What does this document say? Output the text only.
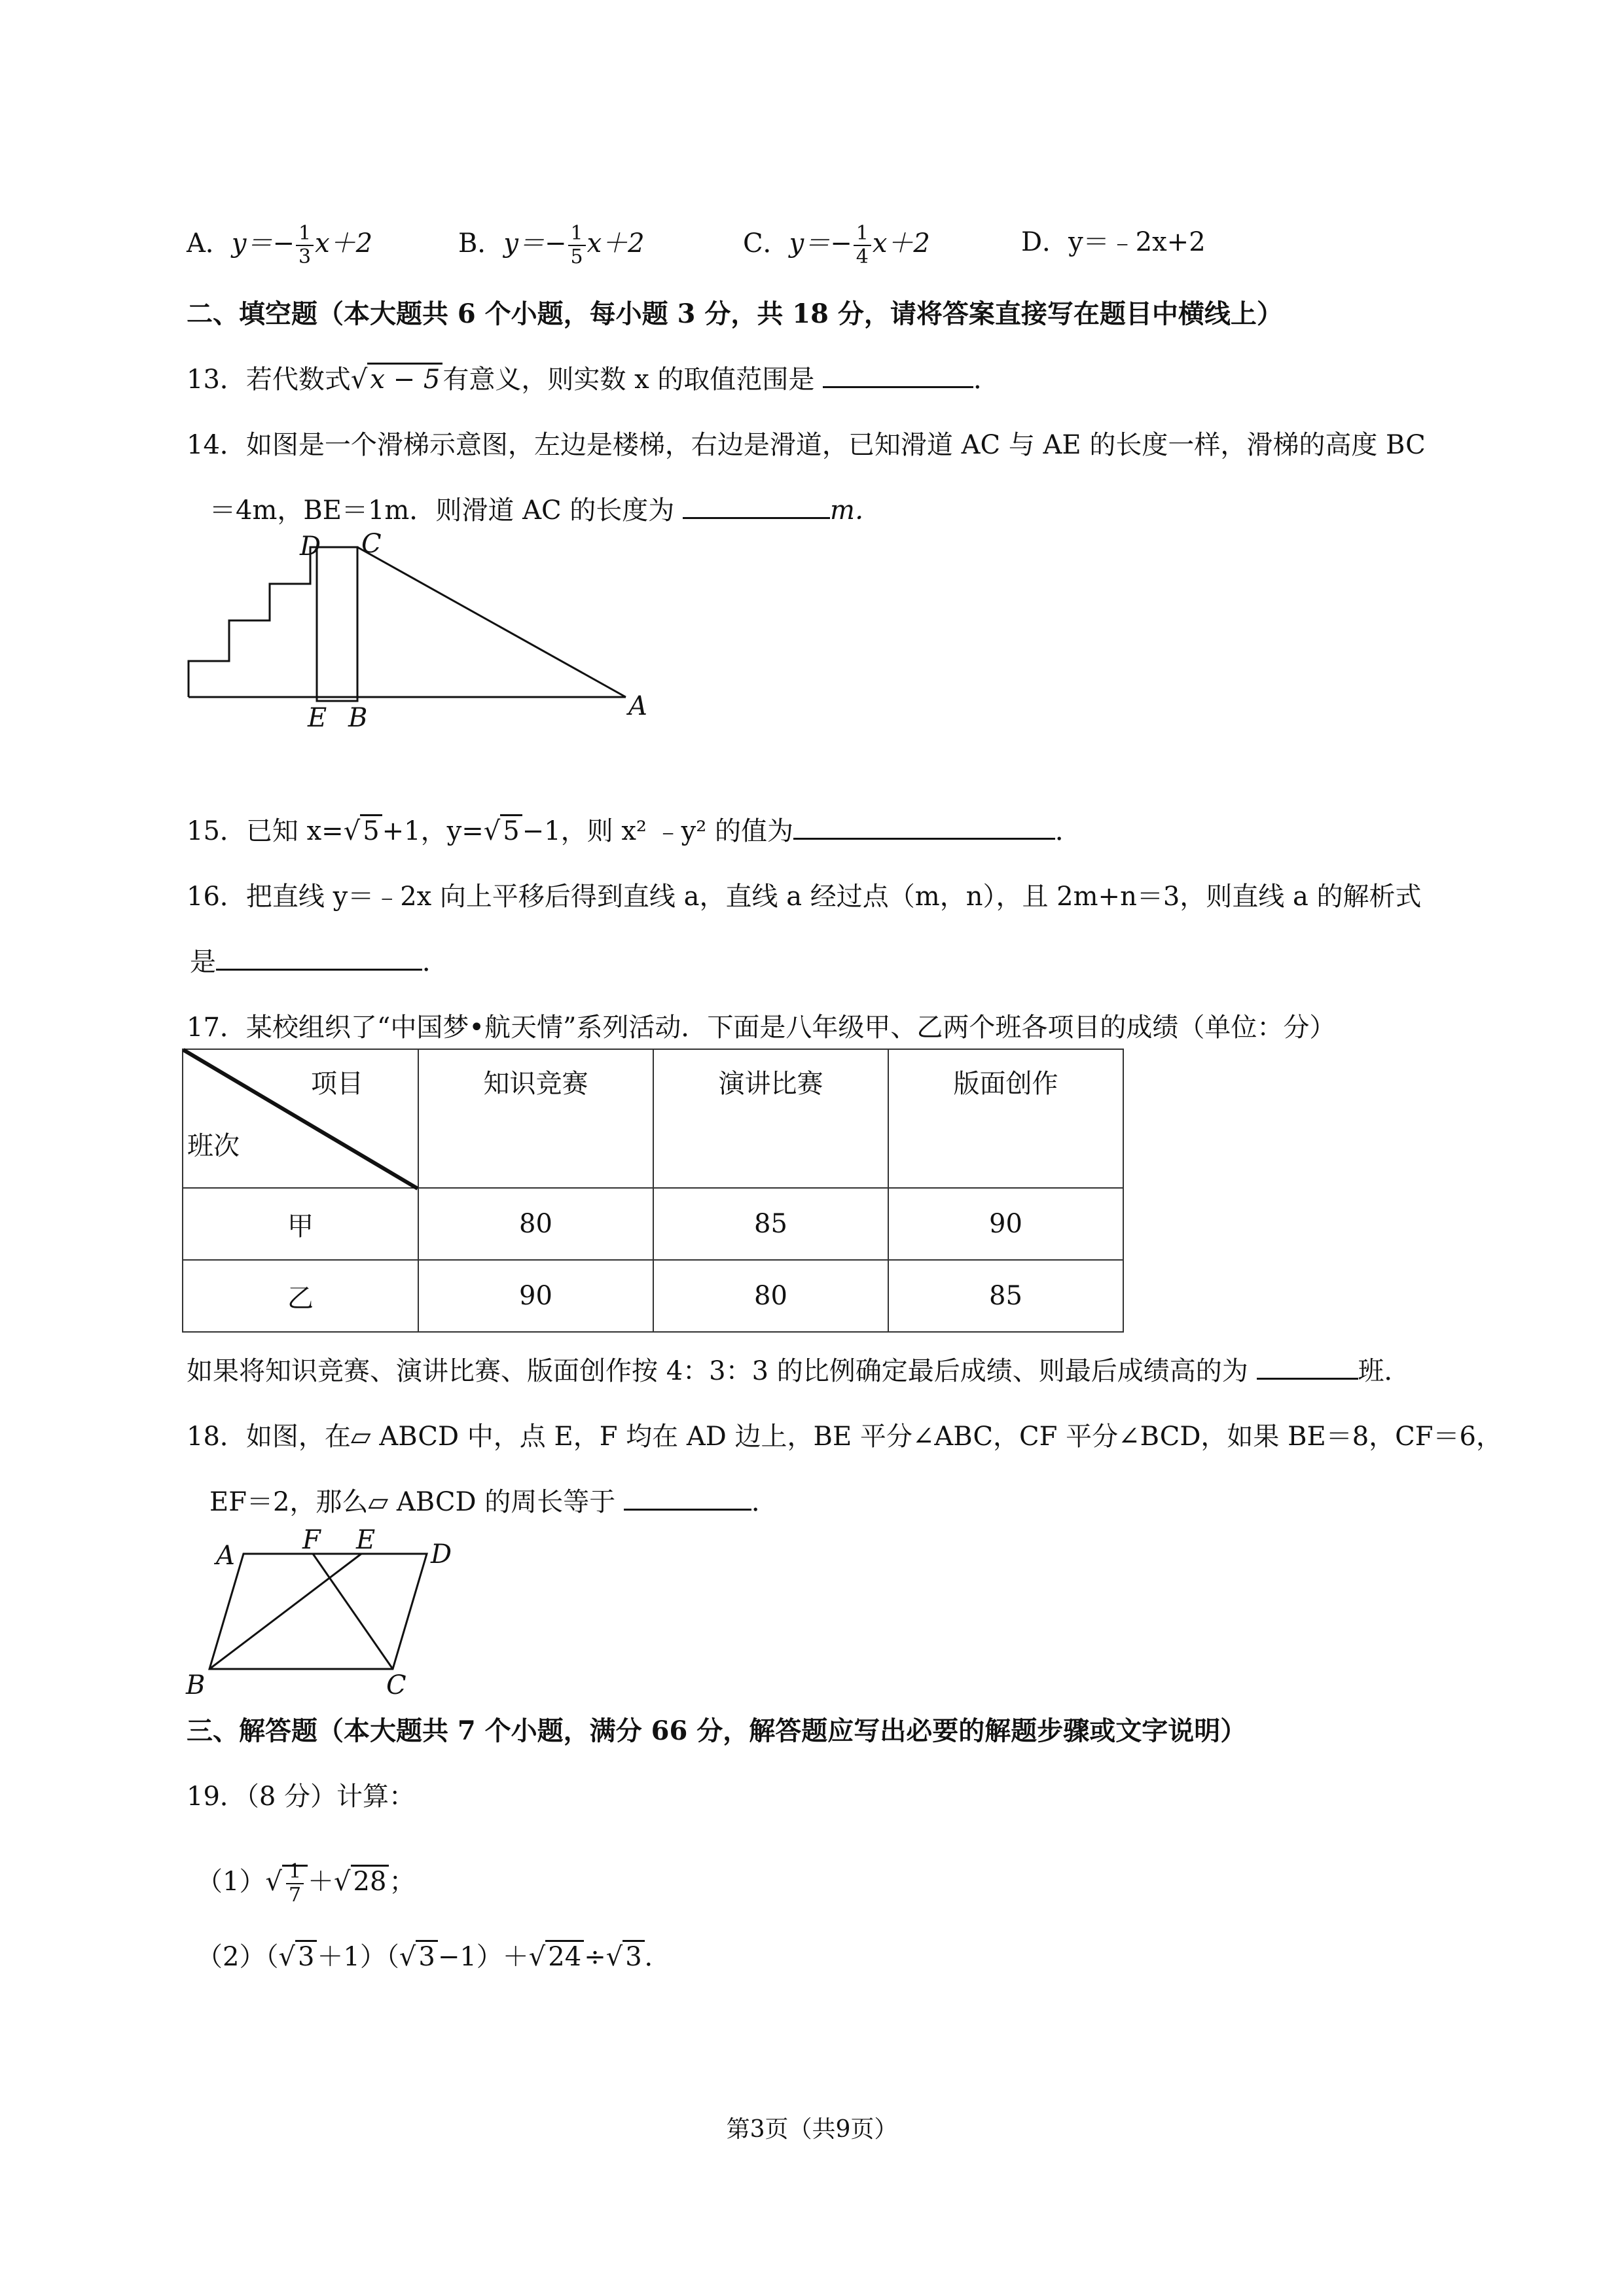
A．$y=- \frac{1}{3} x+2$	B．$y=- \frac{1}{5} x+2$	C．$y=- \frac{1}{4} x+2$	D．y＝﹣2x+2
二、填空题（本大题共 6 个小题，每小题 3 分，共 18 分，请将答案直接写在题目中横线上）
13．若代数式√ x − 5 有意义，则实数 x 的取值范围是	．
14．如图是一个滑梯示意图，左边是楼梯，右边是滑道，已知滑道 AC 与 AE 的长度一样，滑梯的高度 BC
＝4m，BE＝1m．则滑道 AC 的长度为	m．
D C
E B	A
15．已知 x=√ 5 +1，y=√ 5 −1，则 x² ﹣y² 的值为	．
16．把直线 y＝﹣2x 向上平移后得到直线 a，直线 a 经过点（m，n），且 2m+n＝3，则直线 a 的解析式
是	．
17．某校组织了“中国梦•航天情”系列活动．下面是八年级甲、乙两个班各项目的成绩（单位：分）
项目
班次	知识竞赛	演讲比赛	版面创作
甲	80	85	90
乙	90	80	85
如果将知识竞赛、演讲比赛、版面创作按 4：3：3 的比例确定最后成绩、则最后成绩高的为	班．
18．如图，在▱ ABCD 中，点 E，F 均在 AD 边上，BE 平分∠ABC，CF 平分∠BCD，如果 BE＝8，CF＝6，
EF＝2，那么▱ ABCD 的周长等于	．
A
F E D
B	C
三、解答题（本大题共 7 个小题，满分 66 分，解答题应写出必要的解题步骤或文字说明）
19．（8 分）计算：
$(1)√ \frac{1}{7}$ ＋√ 28 ；
（2）（√ 3 ＋1）（√ 3 −1）＋√ 24 ÷√ 3 ．
第3页（共9页）
